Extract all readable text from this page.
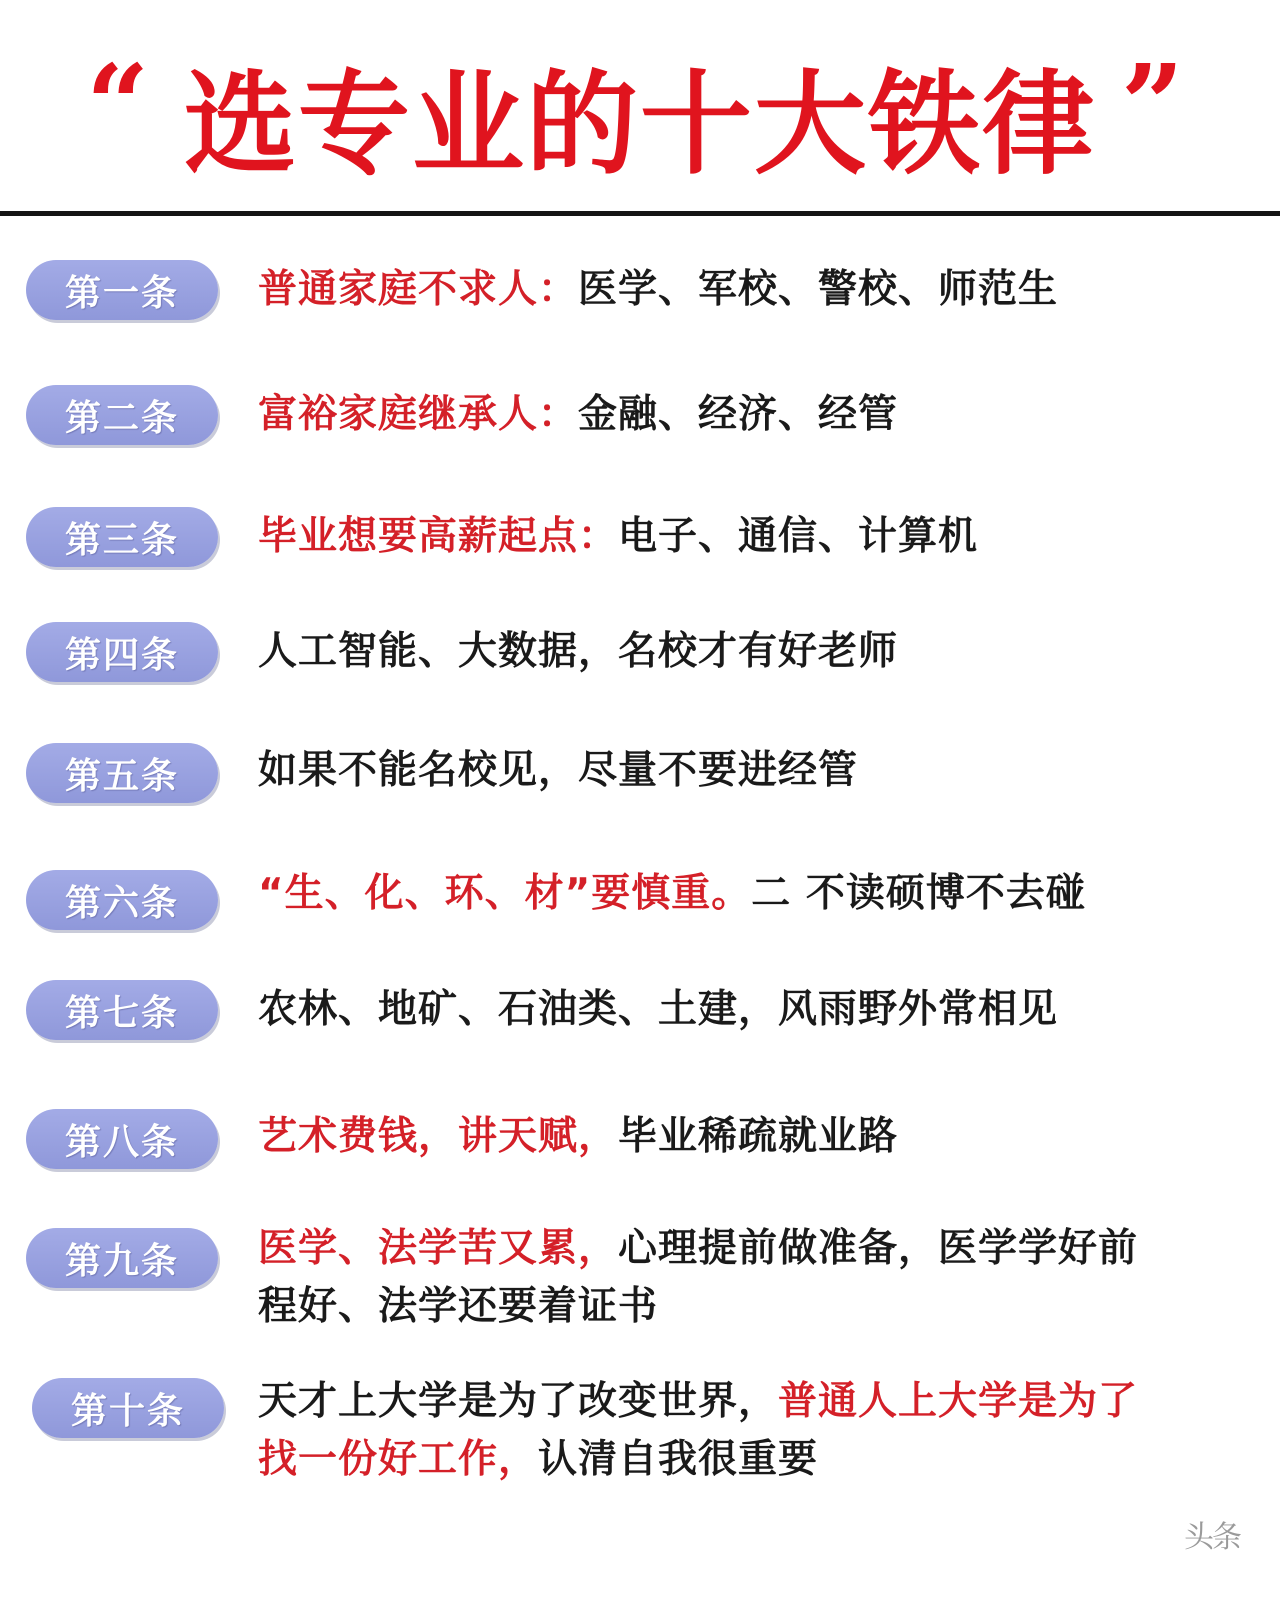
“ 选专业的十大铁律 ”
第一条 普通家庭不求人：医学、军校、警校、师范生
第二条 富裕家庭继承人：金融、经济、经管
第三条 毕业想要高薪起点：电子、通信、计算机
第四条 人工智能、大数据，名校才有好老师
第五条 如果不能名校见，尽量不要进经管
第六条 “生、化、环、材”要慎重。二 不读硕博不去碰
第七条 农林、地矿、石油类、土建，风雨野外常相见
第八条 艺术费钱，讲天赋，毕业稀疏就业路
第九条 医学、法学苦又累，心理提前做准备，医学学好前程好、法学还要着证书
第十条 天才上大学是为了改变世界，普通人上大学是为了找一份好工作，认清自我很重要
头条
